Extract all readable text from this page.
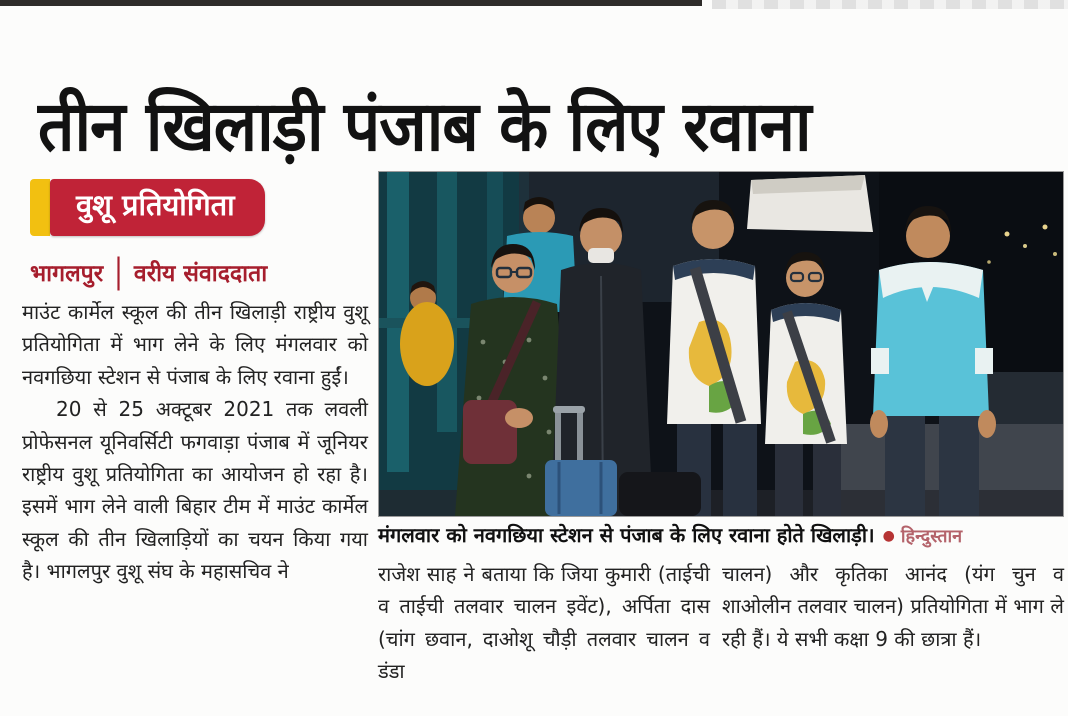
तीन खिलाड़ी पंजाब के लिए रवाना
वुशू प्रतियोगिता
भागलपुर | वरीय संवाददाता

माउंट कार्मेल स्कूल की तीन खिलाड़ी राष्ट्रीय वुशू प्रतियोगिता में भाग लेने के लिए मंगलवार को नवगछिया स्टेशन से पंजाब के लिए रवाना हुईं।

20 से 25 अक्टूबर 2021 तक लवली प्रोफेसनल यूनिवर्सिटी फगवाड़ा पंजाब में जूनियर राष्ट्रीय वुशू प्रतियोगिता का आयोजन हो रहा है। इसमें भाग लेने वाली बिहार टीम में माउंट कार्मेल स्कूल की तीन खिलाड़ियों का चयन किया गया है। भागलपुर वुशू संघ के महासचिव ने

मंगलवार को नवगछिया स्टेशन से पंजाब के लिए रवाना होते खिलाड़ी। ● हिन्दुस्तान

राजेश साह ने बताया कि जिया कुमारी (ताईची व ताईची तलवार चालन इवेंट), अर्पिता दास (चांग छवान, दाओशू चौड़ी तलवार चालन व डंडा

चालन) और कृतिका आनंद (यंग चुन व शाओलीन तलवार चालन) प्रतियोगिता में भाग ले रही हैं। ये सभी कक्षा 9 की छात्रा हैं।
